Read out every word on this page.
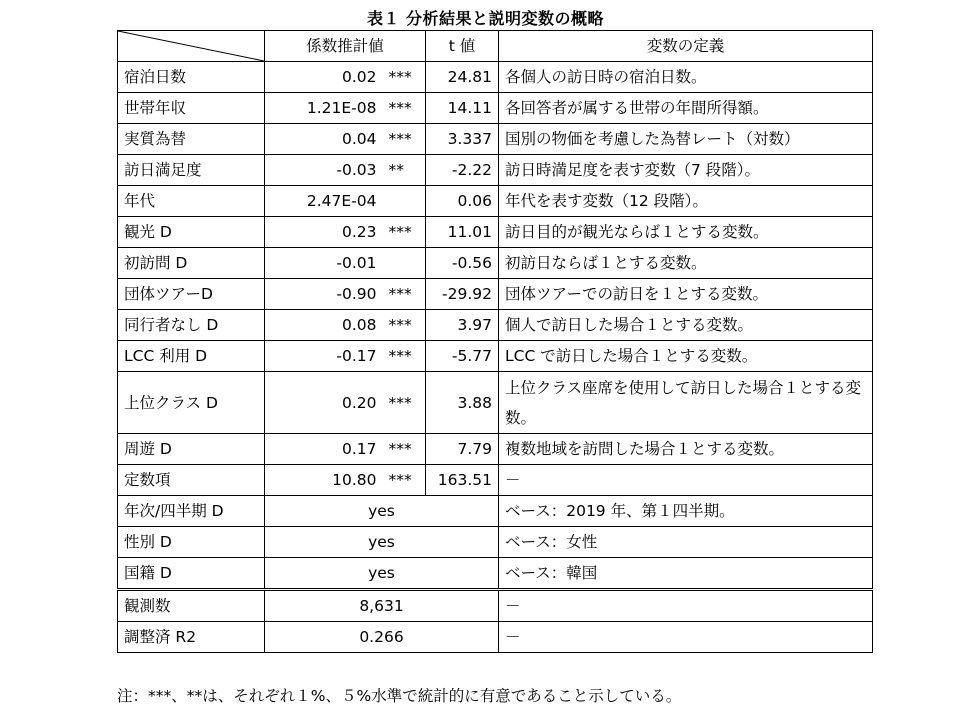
表１ 分析結果と説明変数の概略
	係数推計値		t 値	変数の定義
宿泊日数	0.02	***	24.81	各個人の訪日時の宿泊日数。
世帯年収	1.21E-08	***	14.11	各回答者が属する世帯の年間所得額。
実質為替	0.04	***	3.337	国別の物価を考慮した為替レート（対数）
訪日満足度	-0.03	**	-2.22	訪日時満足度を表す変数（7 段階）。
年代	2.47E-04		0.06	年代を表す変数（12 段階）。
観光 D	0.23	***	11.01	訪日目的が観光ならば１とする変数。
初訪問 D	-0.01		-0.56	初訪日ならば１とする変数。
団体ツアーD	-0.90	***	-29.92	団体ツアーでの訪日を１とする変数。
同行者なし D	0.08	***	3.97	個人で訪日した場合１とする変数。
LCC 利用 D	-0.17	***	-5.77	LCC で訪日した場合１とする変数。
上位クラス D	0.20	***	3.88	上位クラス座席を使用して訪日した場合１とする変数。
周遊 D	0.17	***	7.79	複数地域を訪問した場合１とする変数。
定数項	10.80	***	163.51	－
年次/四半期 D	yes			ベース：2019 年、第１四半期。
性別 D	yes			ベース：女性
国籍 D	yes			ベース：韓国
観測数	8,631			－
調整済 R2	0.266			－
注：***、**は、それぞれ１%、５%水準で統計的に有意であること示している。
